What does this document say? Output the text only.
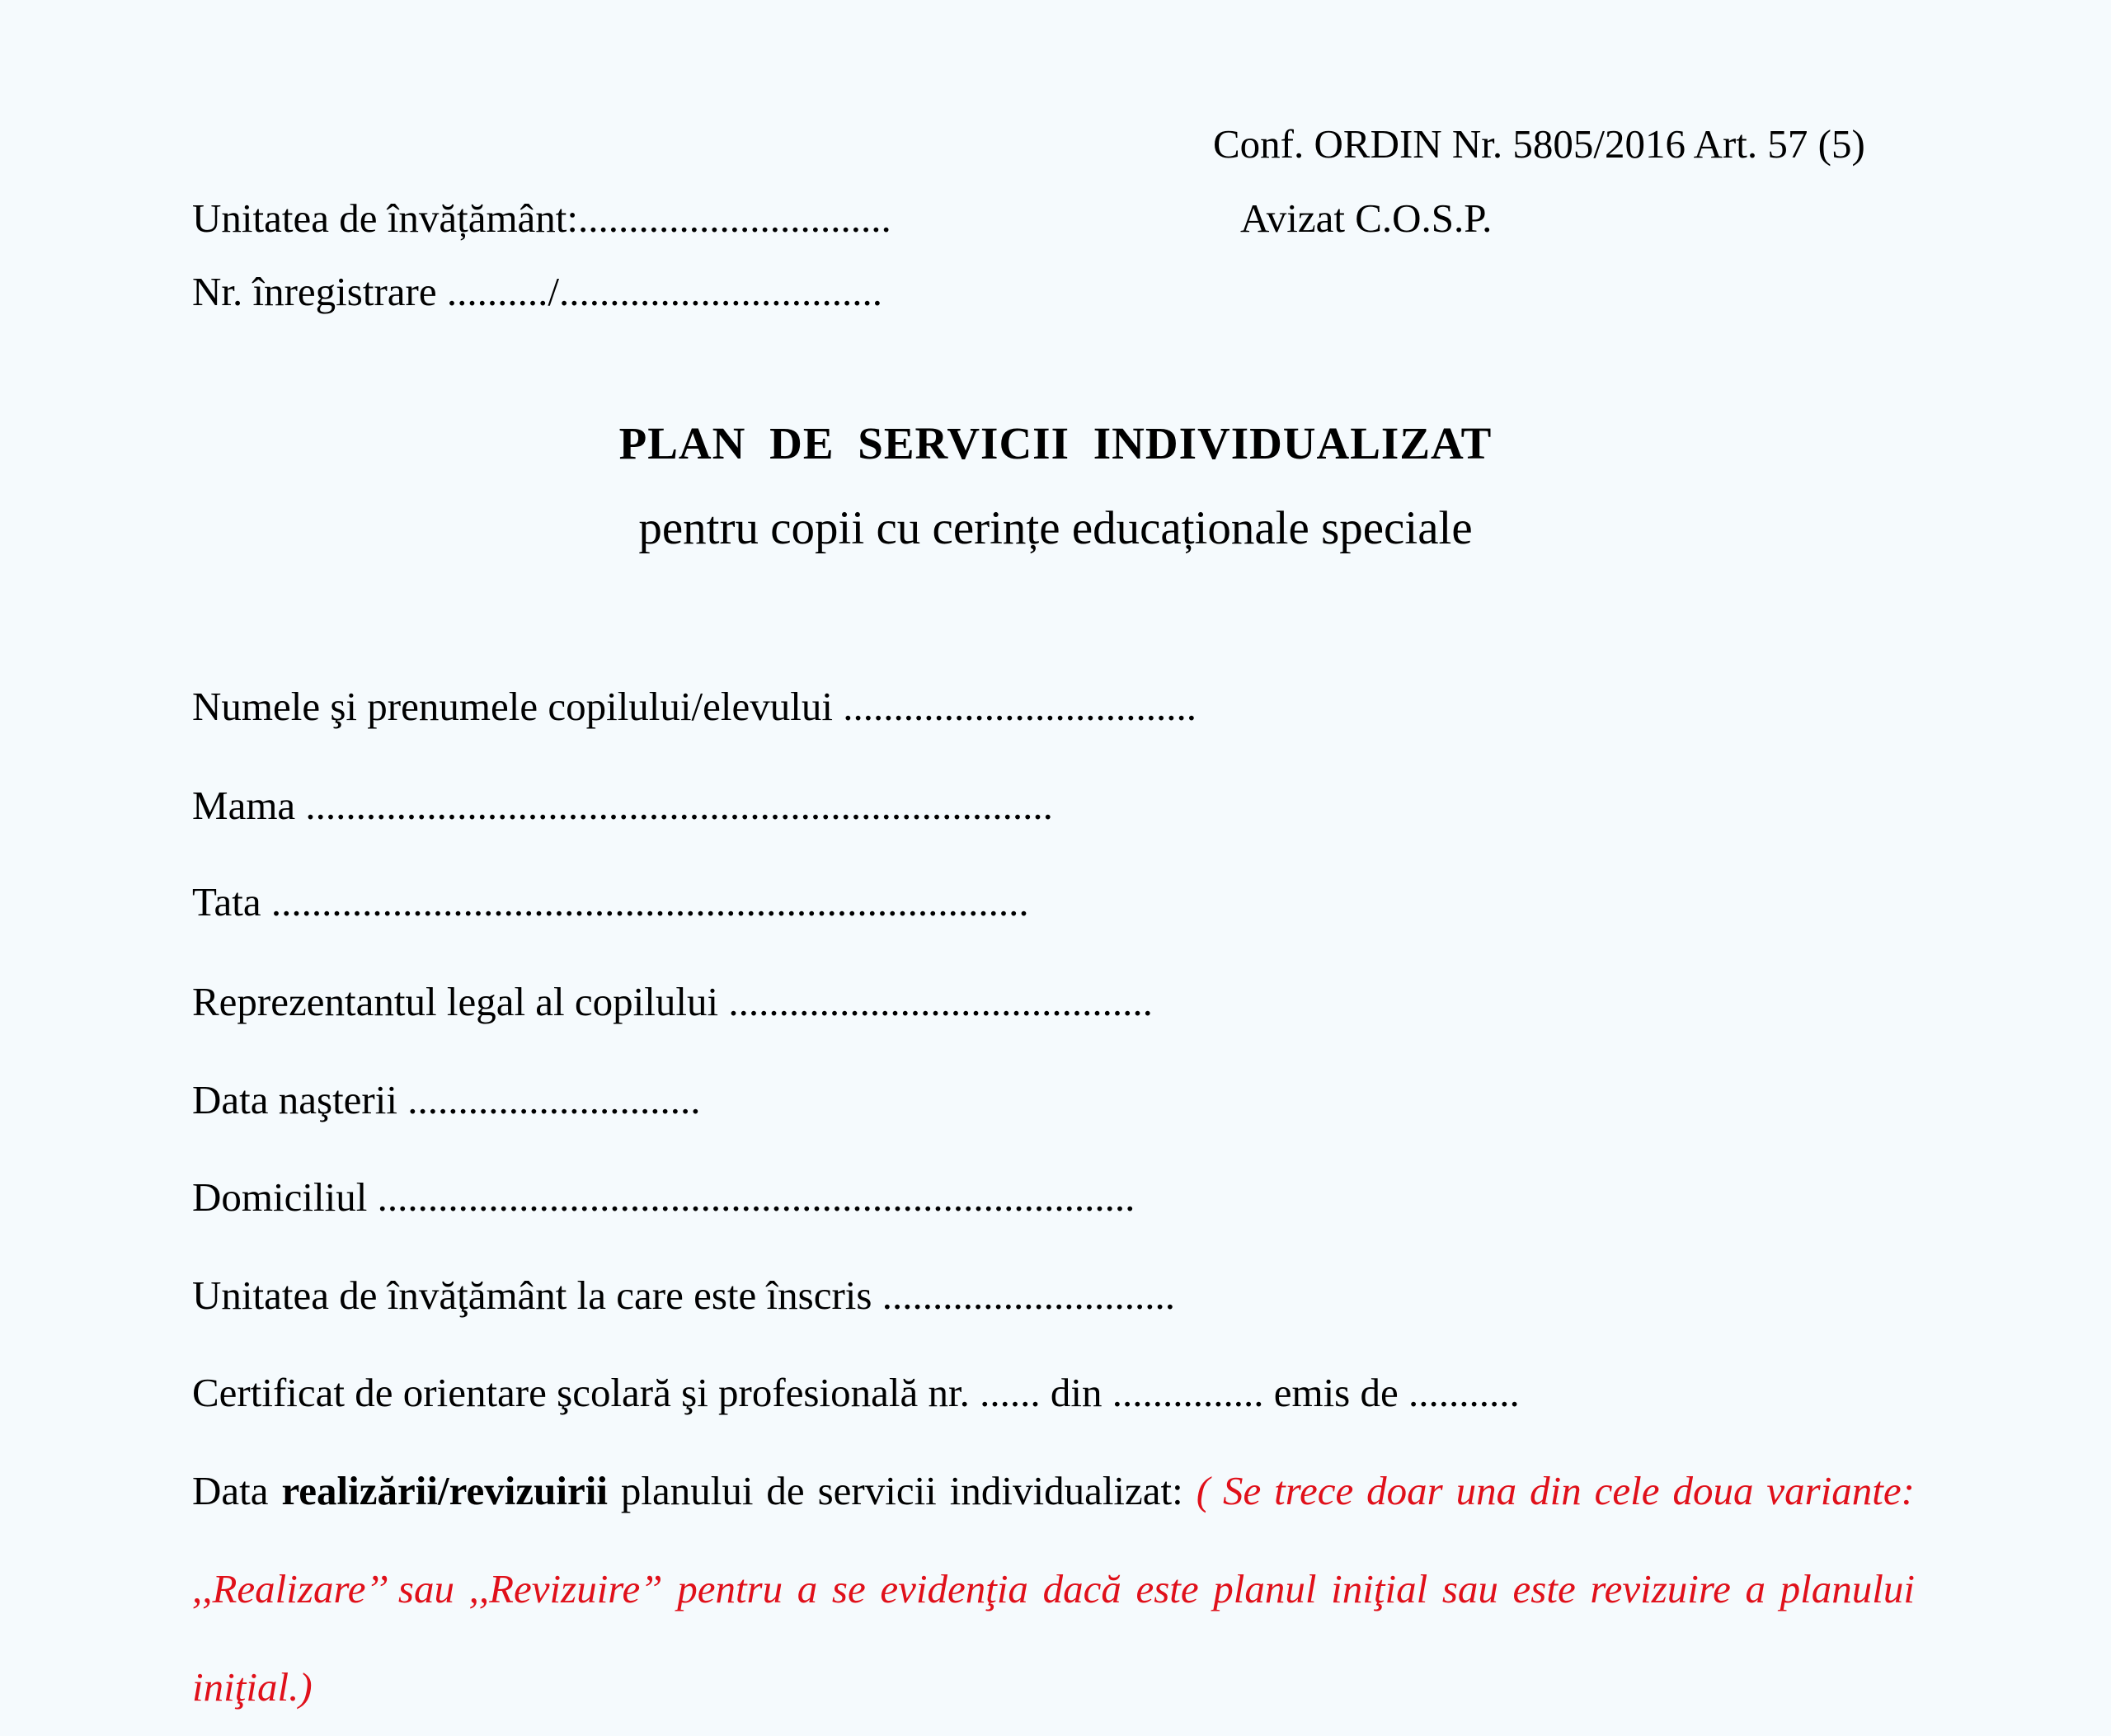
Conf. ORDIN Nr. 5805/2016 Art. 57 (5)
Unitatea de învățământ:...............................	Avizat C.O.S.P.
Nr. înregistrare ........../................................
PLAN DE SERVICII INDIVIDUALIZAT
pentru copii cu cerințe educaționale speciale
Numele şi prenumele copilului/elevului ...................................
Mama ..........................................................................
Tata ...........................................................................
Reprezentantul legal al copilului ..........................................
Data naşterii .............................
Domiciliul ...........................................................................
Unitatea de învăţământ la care este înscris .............................
Certificat de orientare şcolară şi profesională nr. ...... din ............... emis de ...........
Data realizării/revizuirii planului de servicii individualizat: ( Se trece doar una din cele doua variante: ,,Realizare’’ sau ,,Revizuire” pentru a se evidenţia dacă este planul iniţial sau este revizuire a planului iniţial.)
